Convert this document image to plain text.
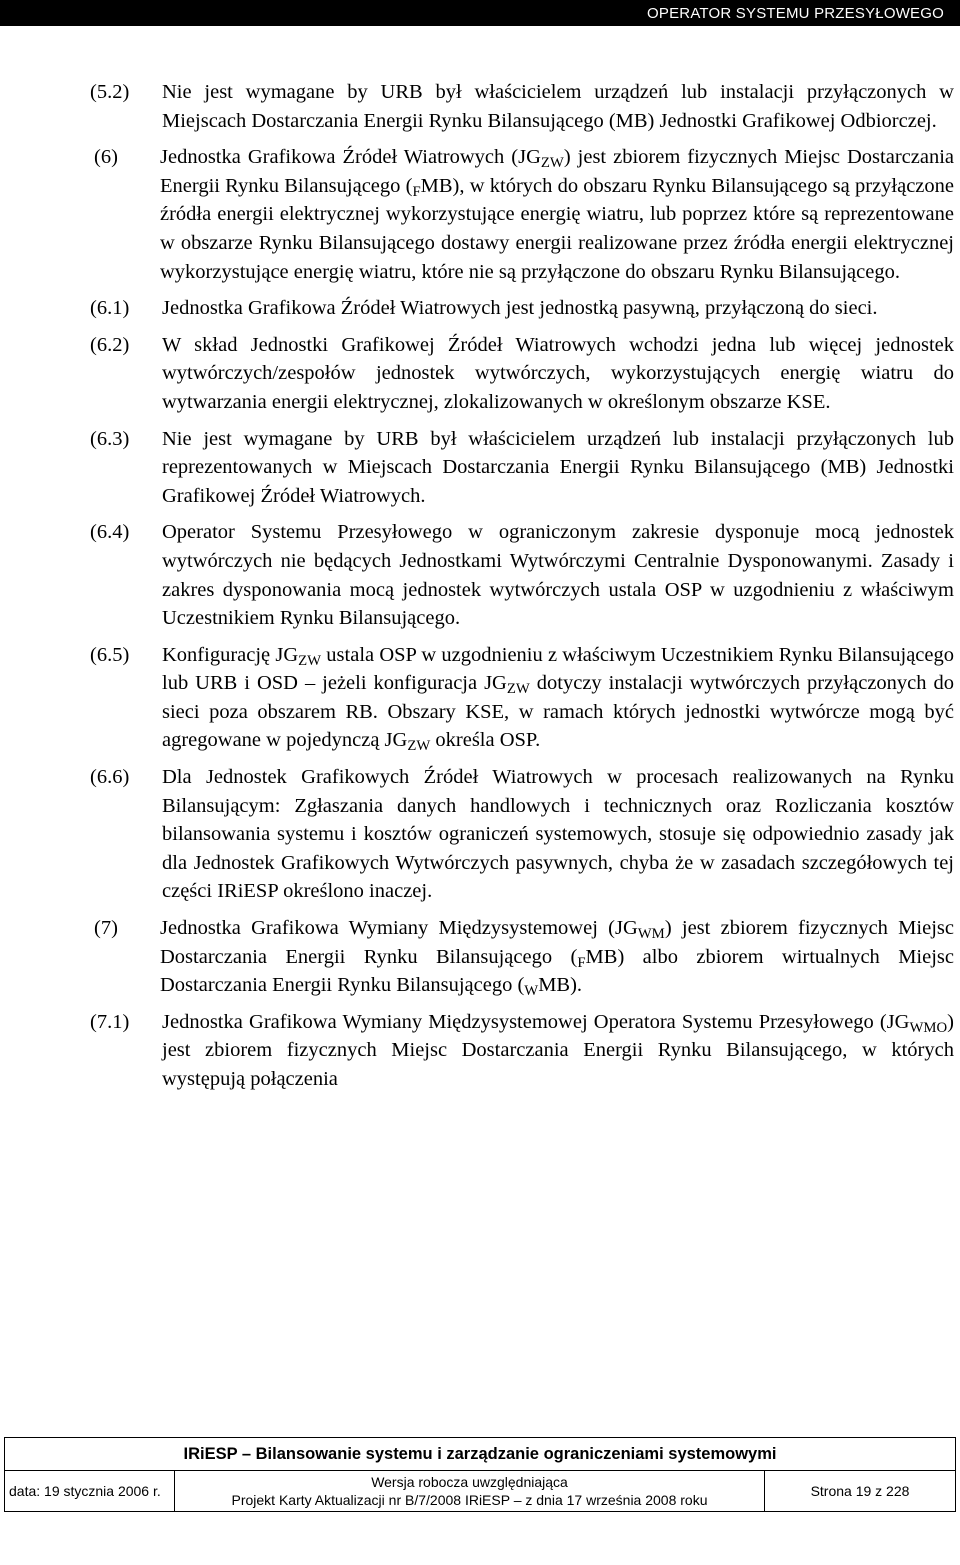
OPERATOR SYSTEMU PRZESYŁOWEGO
(5.2)	Nie jest wymagane by URB był właścicielem urządzeń lub instalacji przyłączonych w Miejscach Dostarczania Energii Rynku Bilansującego (MB) Jednostki Grafikowej Odbiorczej.
(6)	Jednostka Grafikowa Źródeł Wiatrowych $(JG_{ZW})$ jest zbiorem fizycznych Miejsc Dostarczania Energii Rynku Bilansującego $(_FMB)$, w których do obszaru Rynku Bilansującego są przyłączone źródła energii elektrycznej wykorzystujące energię wiatru, lub poprzez które są reprezentowane w obszarze Rynku Bilansującego dostawy energii realizowane przez źródła energii elektrycznej wykorzystujące energię wiatru, które nie są przyłączone do obszaru Rynku Bilansującego.
(6.1)	Jednostka Grafikowa Źródeł Wiatrowych jest jednostką pasywną, przyłączoną do sieci.
(6.2)	W skład Jednostki Grafikowej Źródeł Wiatrowych wchodzi jedna lub więcej jednostek wytwórczych/zespołów jednostek wytwórczych, wykorzystujących energię wiatru do wytwarzania energii elektrycznej, zlokalizowanych w określonym obszarze KSE.
(6.3)	Nie jest wymagane by URB był właścicielem urządzeń lub instalacji przyłączonych lub reprezentowanych w Miejscach Dostarczania Energii Rynku Bilansującego (MB) Jednostki Grafikowej Źródeł Wiatrowych.
(6.4)	Operator Systemu Przesyłowego w ograniczonym zakresie dysponuje mocą jednostek wytwórczych nie będących Jednostkami Wytwórczymi Centralnie Dysponowanymi. Zasady i zakres dysponowania mocą jednostek wytwórczych ustala OSP w uzgodnieniu z właściwym Uczestnikiem Rynku Bilansującego.
(6.5)	Konfigurację $JG_{ZW}$ ustala OSP w uzgodnieniu z właściwym Uczestnikiem Rynku Bilansującego lub URB i OSD – jeżeli konfiguracja $JG_{ZW}$ dotyczy instalacji wytwórczych przyłączonych do sieci poza obszarem RB. Obszary KSE, w ramach których jednostki wytwórcze mogą być agregowane w pojedynczą $JG_{ZW}$ określa OSP.
(6.6)	Dla Jednostek Grafikowych Źródeł Wiatrowych w procesach realizowanych na Rynku Bilansującym: Zgłaszania danych handlowych i technicznych oraz Rozliczania kosztów bilansowania systemu i kosztów ograniczeń systemowych, stosuje się odpowiednio zasady jak dla Jednostek Grafikowych Wytwórczych pasywnych, chyba że w zasadach szczegółowych tej części IRiESP określono inaczej.
(7)	Jednostka Grafikowa Wymiany Międzysystemowej $(JG_{WM})$ jest zbiorem fizycznych Miejsc Dostarczania Energii Rynku Bilansującego $(_FMB)$ albo zbiorem wirtualnych Miejsc Dostarczania Energii Rynku Bilansującego $(_WMB)$.
(7.1)	Jednostka Grafikowa Wymiany Międzysystemowej Operatora Systemu Przesyłowego $(JG_{WMO})$ jest zbiorem fizycznych Miejsc Dostarczania Energii Rynku Bilansującego, w których występują połączenia
IRiESP – Bilansowanie systemu i zarządzanie ograniczeniami systemowymi
data: 19 stycznia 2006 r.
Wersja robocza uwzględniająca
Projekt Karty Aktualizacji nr B/7/2008 IRiESP – z dnia 17 września 2008 roku
Strona 19 z 228
